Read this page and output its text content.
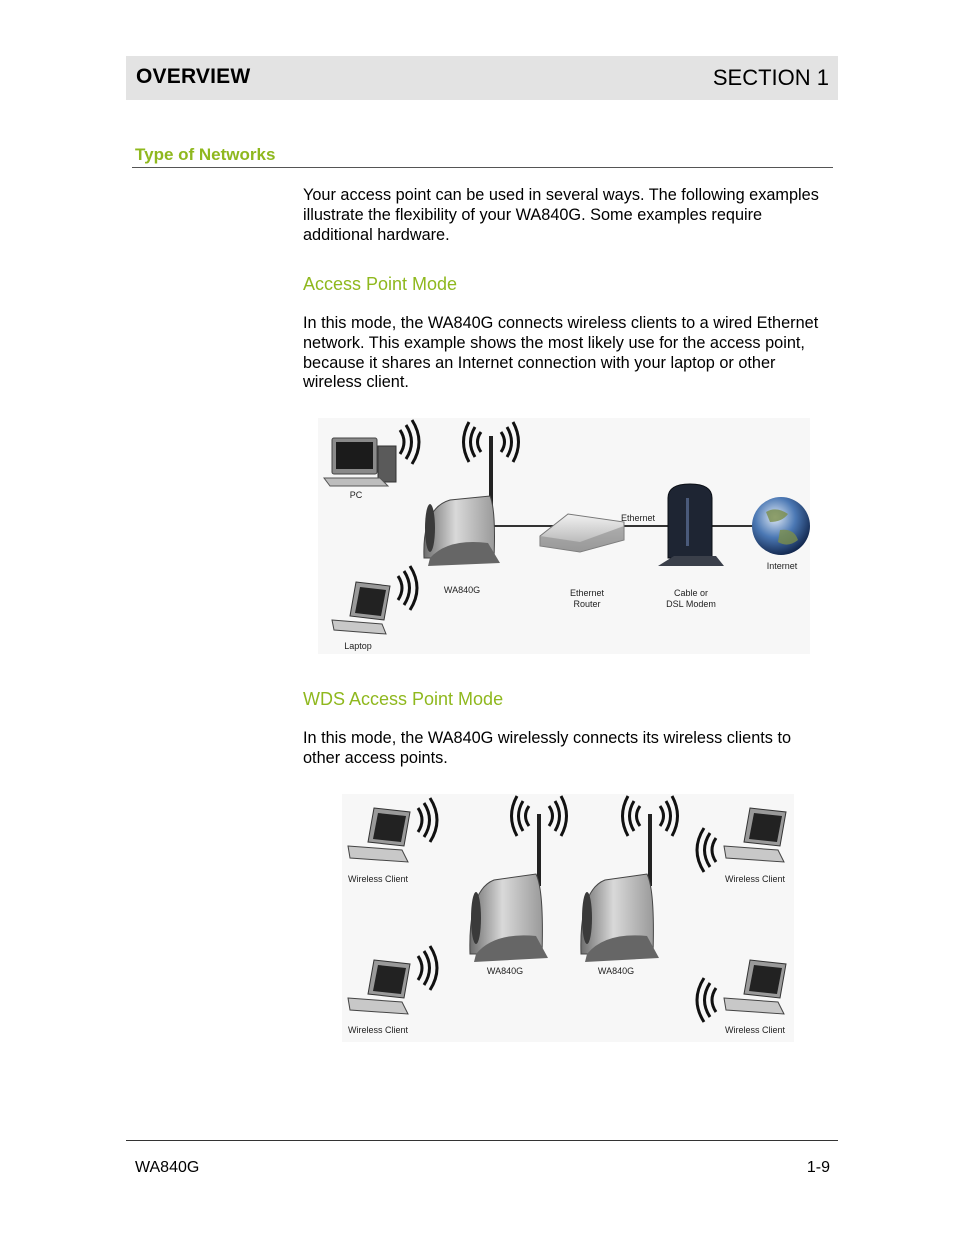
OVERVIEW	SECTION 1
Type of Networks
Your access point can be used in several ways. The following examples illustrate the flexibility of your WA840G. Some examples require additional hardware.
Access Point Mode
In this mode, the WA840G connects wireless clients to a wired Ethernet network. This example shows the most likely use for the access point, because it shares an Internet connection with your laptop or other wireless client.
PC
Laptop
WA840G
Ethernet
Ethernet
Router
Cable or
DSL Modem
Internet
WDS Access Point Mode
In this mode, the WA840G wirelessly connects its wireless clients to other access points.
Wireless Client
Wireless Client
WA840G	WA840G
Wireless Client
Wireless Client
WA840G	1-9
